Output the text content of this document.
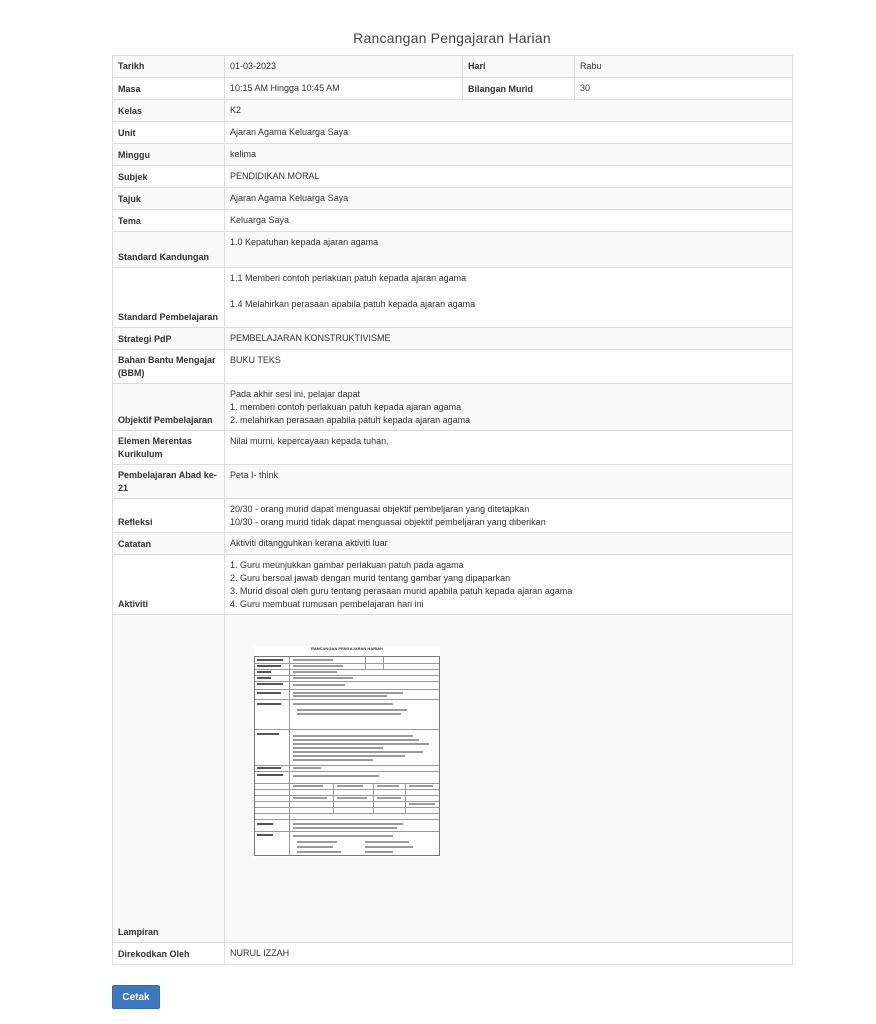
Rancangan Pengajaran Harian
Tarikh	01-03-2023	Hari	Rabu
Masa	10:15 AM Hingga 10:45 AM	Bilangan Murid	30
Kelas	K2		
Unit	Ajaran Agama Keluarga Saya		
Minggu	kelima		
Subjek	PENDIDIKAN MORAL		
Tajuk	Ajaran Agama Keluarga Saya		
Tema	Keluarga Saya		
Standard Kandungan	1.0 Kepatuhan kepada ajaran agama		
Standard Pembelajaran	1.1 Memberi contoh perlakuan patuh kepada ajaran agama

1.4 Melahirkan perasaan apabila patuh kepada ajaran agama		

Strategi PdP	PEMBELAJARAN KONSTRUKTIVISME		
Bahan Bantu Mengajar (BBM)	BUKU TEKS		
Objektif Pembelajaran	Pada akhir sesi ini, pelajar dapat

1. memberi contoh perlakuan patuh kepada ajaran agama

2. melahirkan perasaan apabila patuh kepada ajaran agama		

Elemen Merentas Kurikulum	Nilai murni, kepercayaan kepada tuhan,		
Pembelajaran Abad ke-21	Peta I- think		
Refleksi	20/30 - orang murid dapat menguasai objektif pembeljaran yang ditetapkan

10/30 - orang murid tidak dapat menguasai objektif pembeljaran yang diberikan		

Catatan	Aktiviti ditangguhkan kerana aktiviti luar		
Aktiviti	1. Guru meunjukkan gambar perlakuan patuh pada agama

2. Guru bersoal jawab dengan murid tentang gambar yang dipaparkan

3. Murid disoal oleh guru tentang perasaan murid apabila patuh kepada ajaran agama

4. Guru membuat rumusan pembelajaran hari ini		

Lampiran			
Direkodkan Oleh	NURUL IZZAH		
RANCANGAN PENGAJARAN HARIAN
Cetak
